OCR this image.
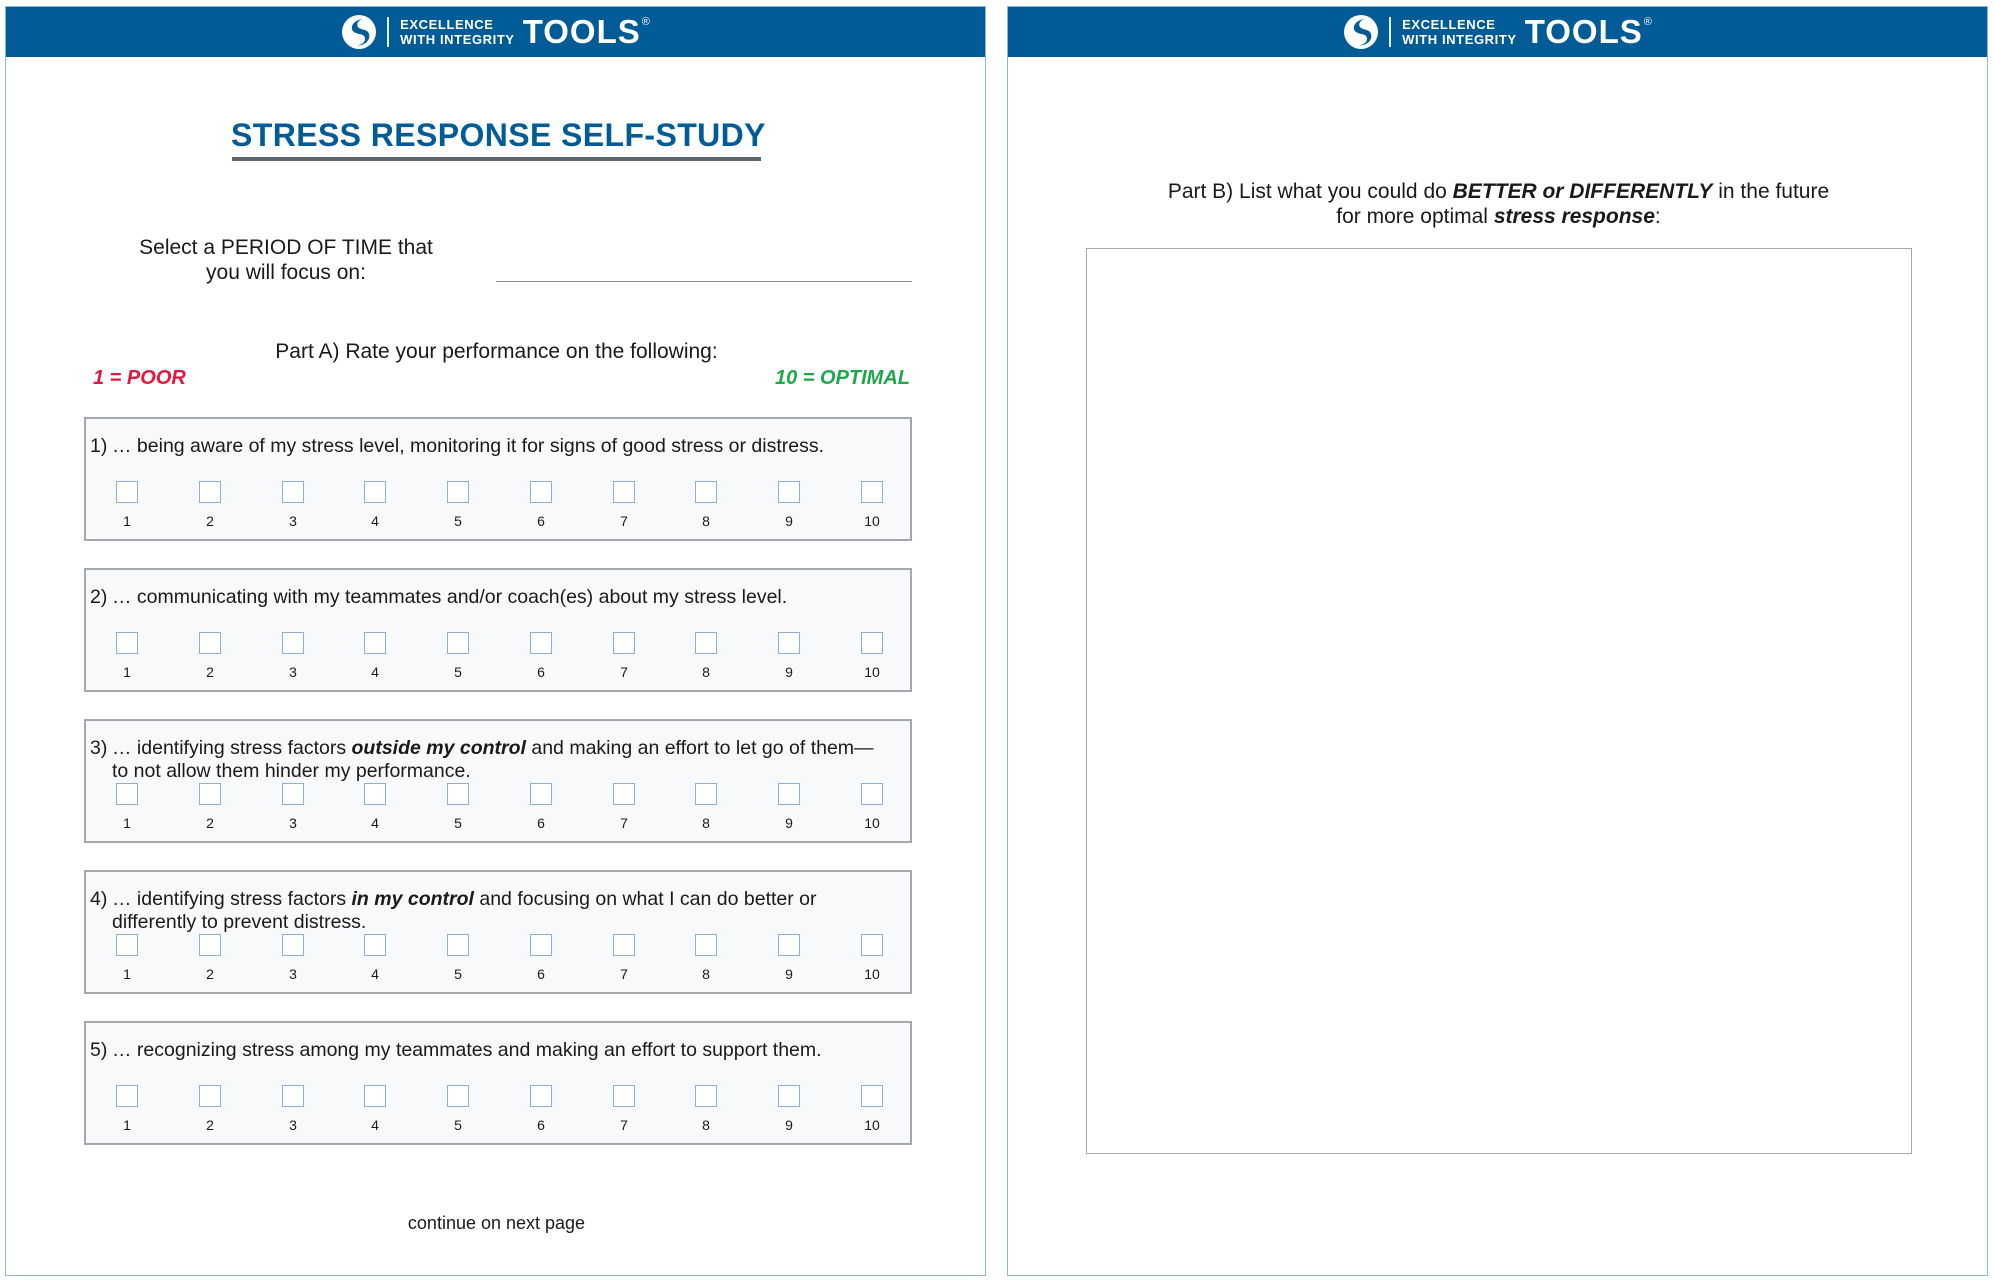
EXCELLENCE
WITH INTEGRITY TOOLS ®
STRESS RESPONSE SELF-STUDY
Select a PERIOD OF TIME that
you will focus on:
Part A) Rate your performance on the following:
1 = POOR	10 = OPTIMAL
1) … being aware of my stress level, monitoring it for signs of good stress or distress.
1	2	3	4	5	6	7	8	9	10
2) … communicating with my teammates and/or coach(es) about my stress level.
1	2	3	4	5	6	7	8	9	10
3) … identifying stress factors outside my control and making an effort to let go of them—
to not allow them hinder my performance.
1	2	3	4	5	6	7	8	9	10
4) … identifying stress factors in my control and focusing on what I can do better or
differently to prevent distress.
1	2	3	4	5	6	7	8	9	10
5) … recognizing stress among my teammates and making an effort to support them.
1	2	3	4	5	6	7	8	9	10
continue on next page
EXCELLENCE
WITH INTEGRITY TOOLS ®
Part B) List what you could do BETTER or DIFFERENTLY in the future
for more optimal stress response:
